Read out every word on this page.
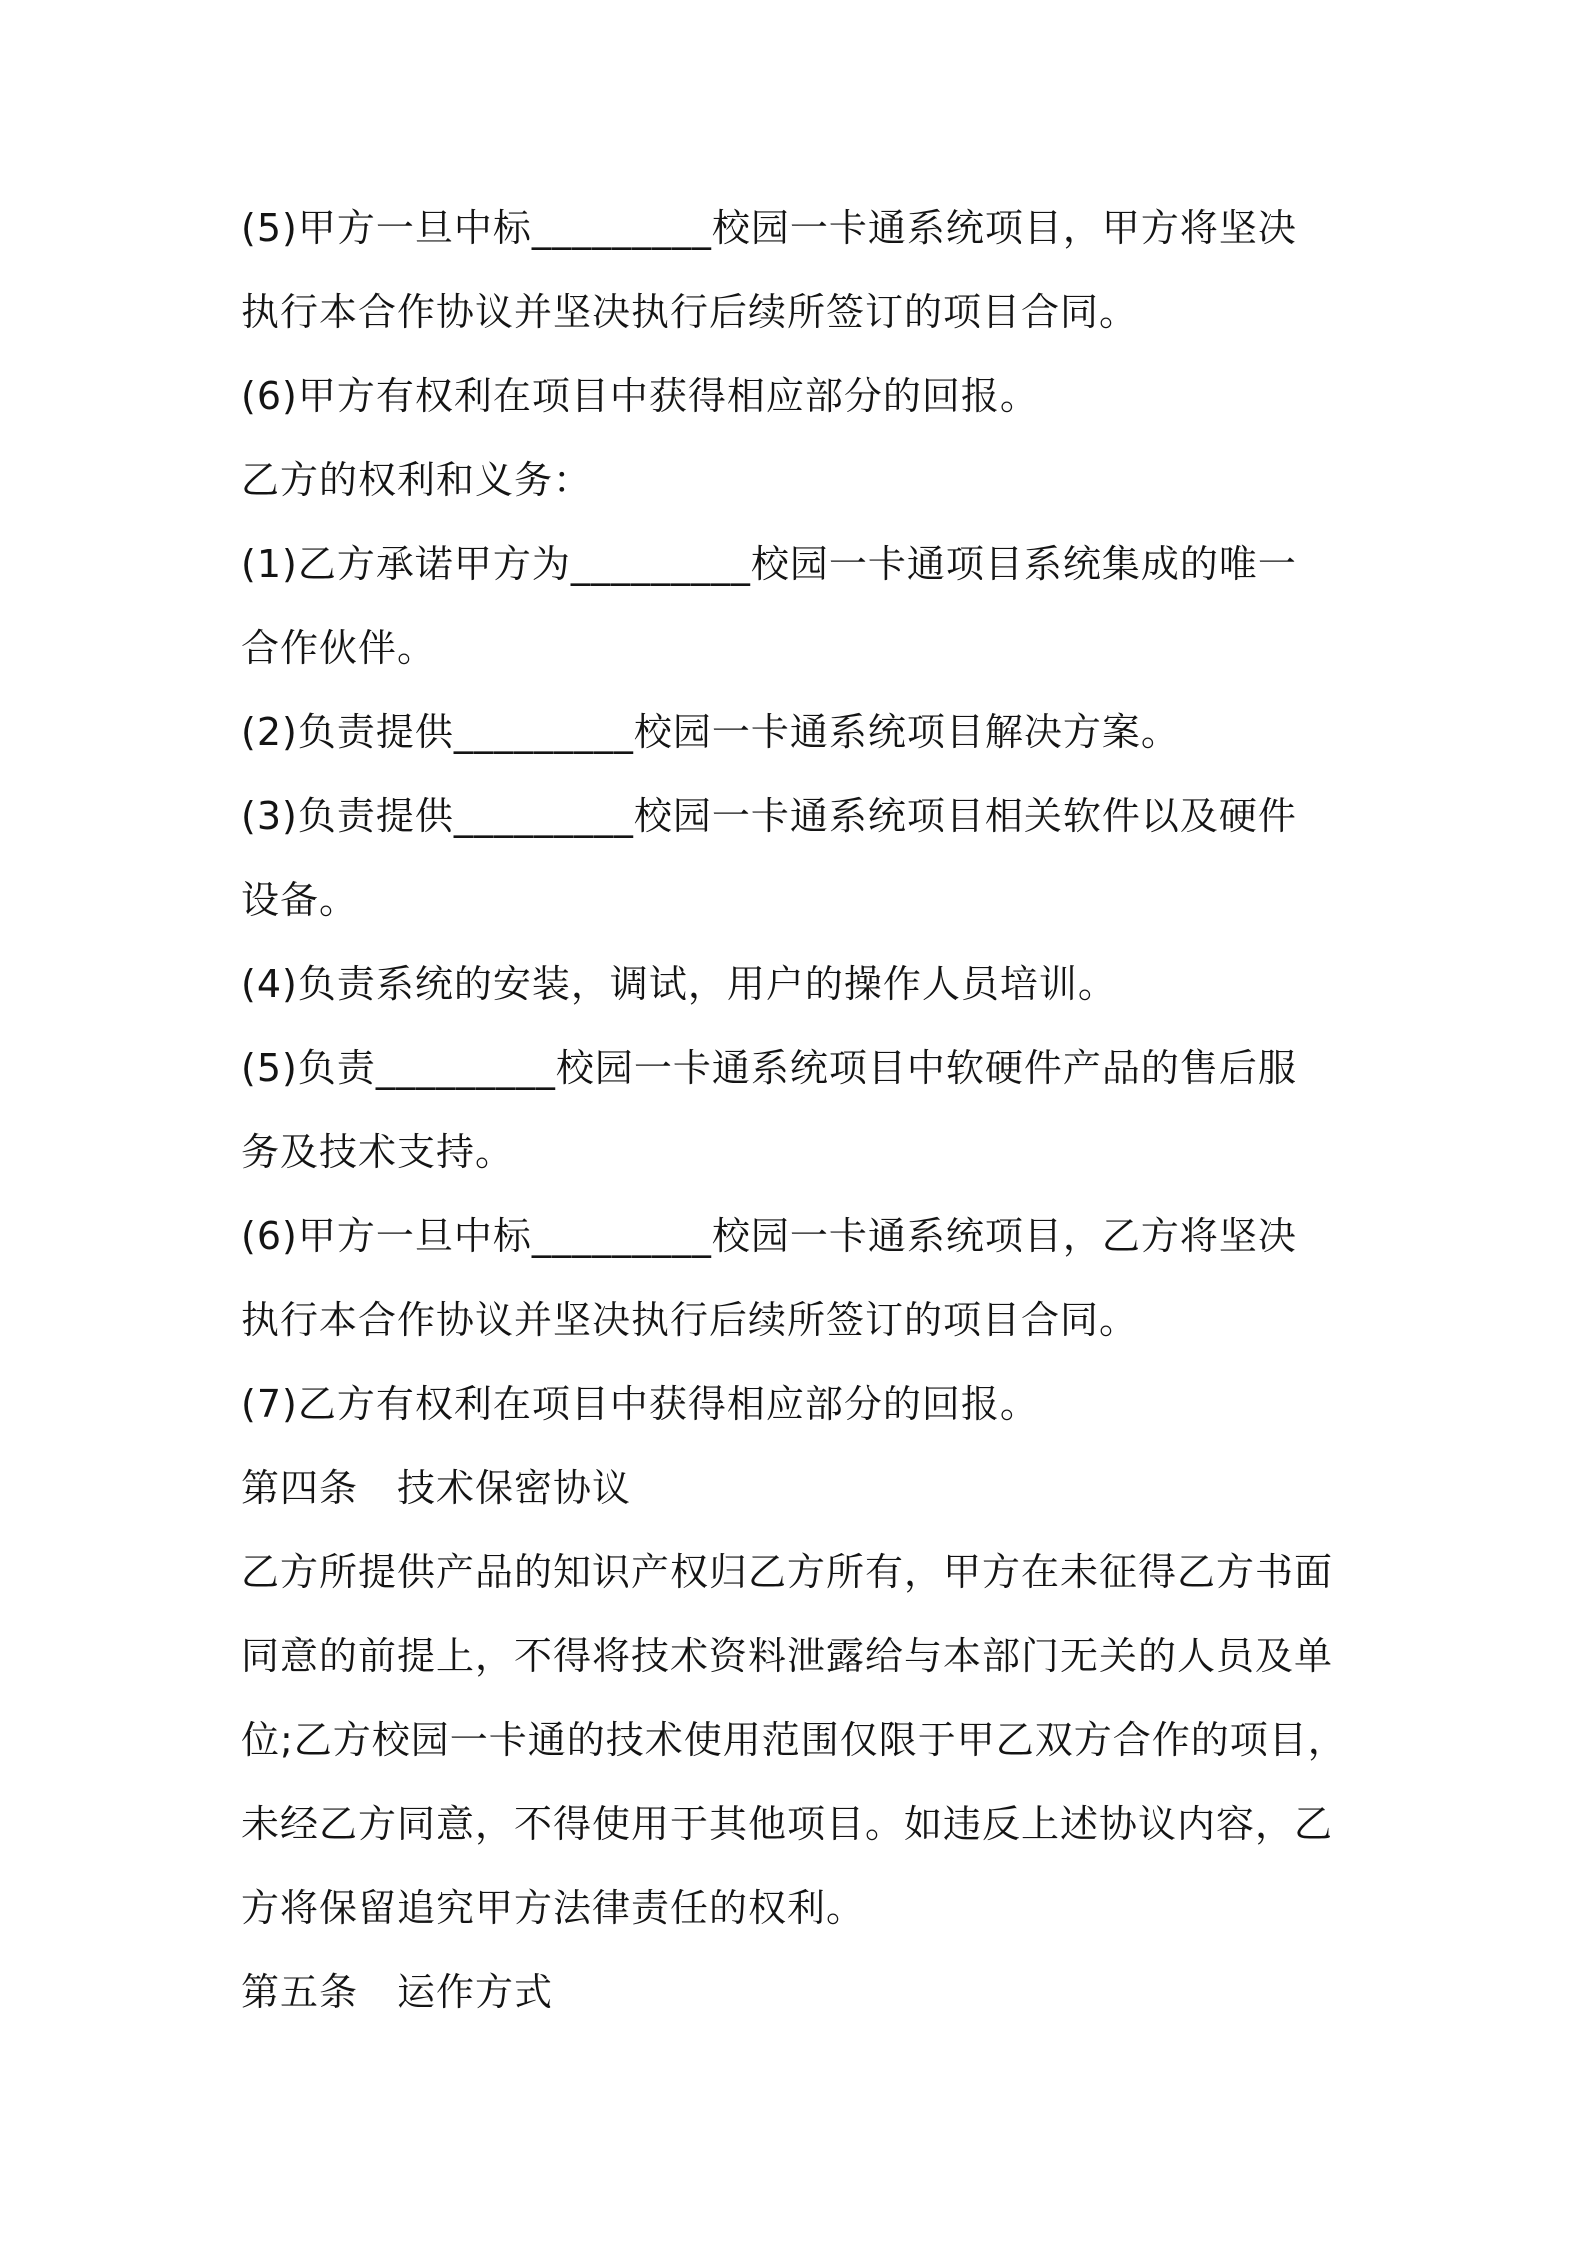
(5)甲方一旦中标_________校园一卡通系统项目，甲方将坚决
执行本合作协议并坚决执行后续所签订的项目合同。

(6)甲方有权利在项目中获得相应部分的回报。

乙方的权利和义务：

(1)乙方承诺甲方为_________校园一卡通项目系统集成的唯一
合作伙伴。

(2)负责提供_________校园一卡通系统项目解决方案。

(3)负责提供_________校园一卡通系统项目相关软件以及硬件
设备。

(4)负责系统的安装，调试，用户的操作人员培训。

(5)负责_________校园一卡通系统项目中软硬件产品的售后服
务及技术支持。

(6)甲方一旦中标_________校园一卡通系统项目，乙方将坚决
执行本合作协议并坚决执行后续所签订的项目合同。

(7)乙方有权利在项目中获得相应部分的回报。

第四条　技术保密协议

乙方所提供产品的知识产权归乙方所有，甲方在未征得乙方书面
同意的前提上，不得将技术资料泄露给与本部门无关的人员及单
位;乙方校园一卡通的技术使用范围仅限于甲乙双方合作的项目，
未经乙方同意，不得使用于其他项目。如违反上述协议内容，乙
方将保留追究甲方法律责任的权利。

第五条　运作方式
